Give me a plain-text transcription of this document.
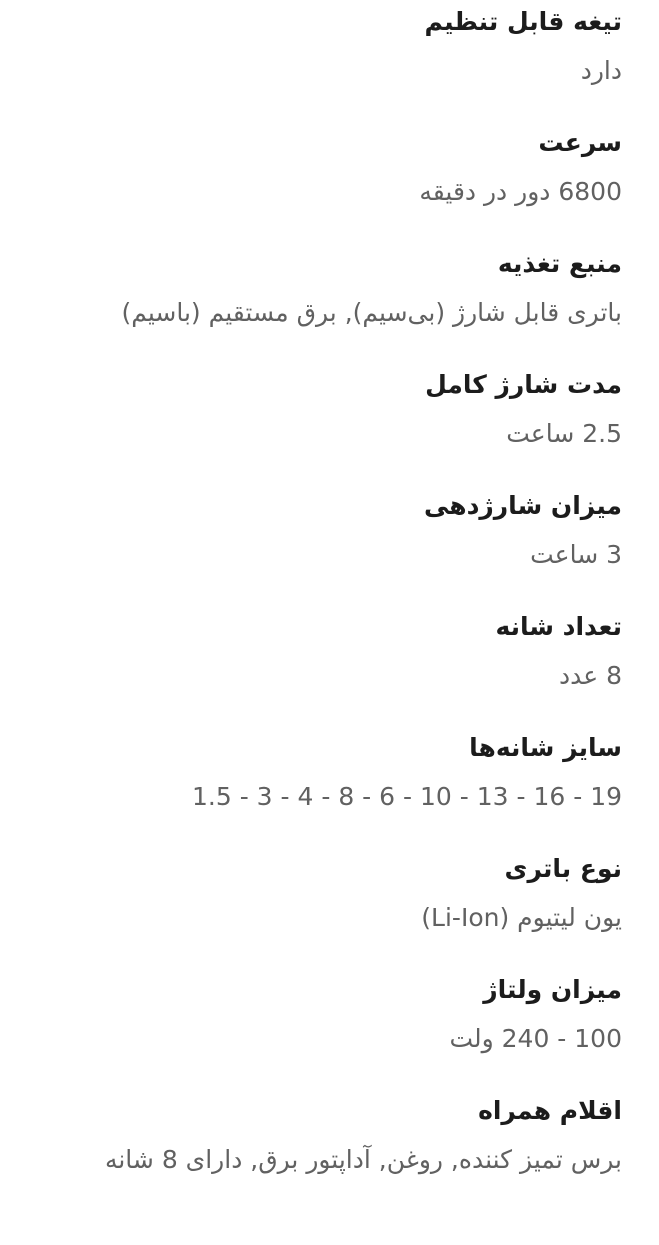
تیغه قابل تنظیم

دارد

سرعت

6800 دور در دقیقه

منبع تغذیه

باتری قابل شارژ (بی‌سیم), برق مستقیم (باسیم)

مدت شارژ کامل

2.5 ساعت

میزان شارژدهی

3 ساعت

تعداد شانه

8 عدد

سایز شانه‌ها

19 - 16 - 13 - 10 - 6 - 8 - 4 - 3 - 1.5

نوع باتری

یون لیتیوم (Li-Ion)

میزان ولتاژ

100 - 240 ولت

اقلام همراه

برس تمیز کننده, روغن, آداپتور برق, دارای 8 شانه
